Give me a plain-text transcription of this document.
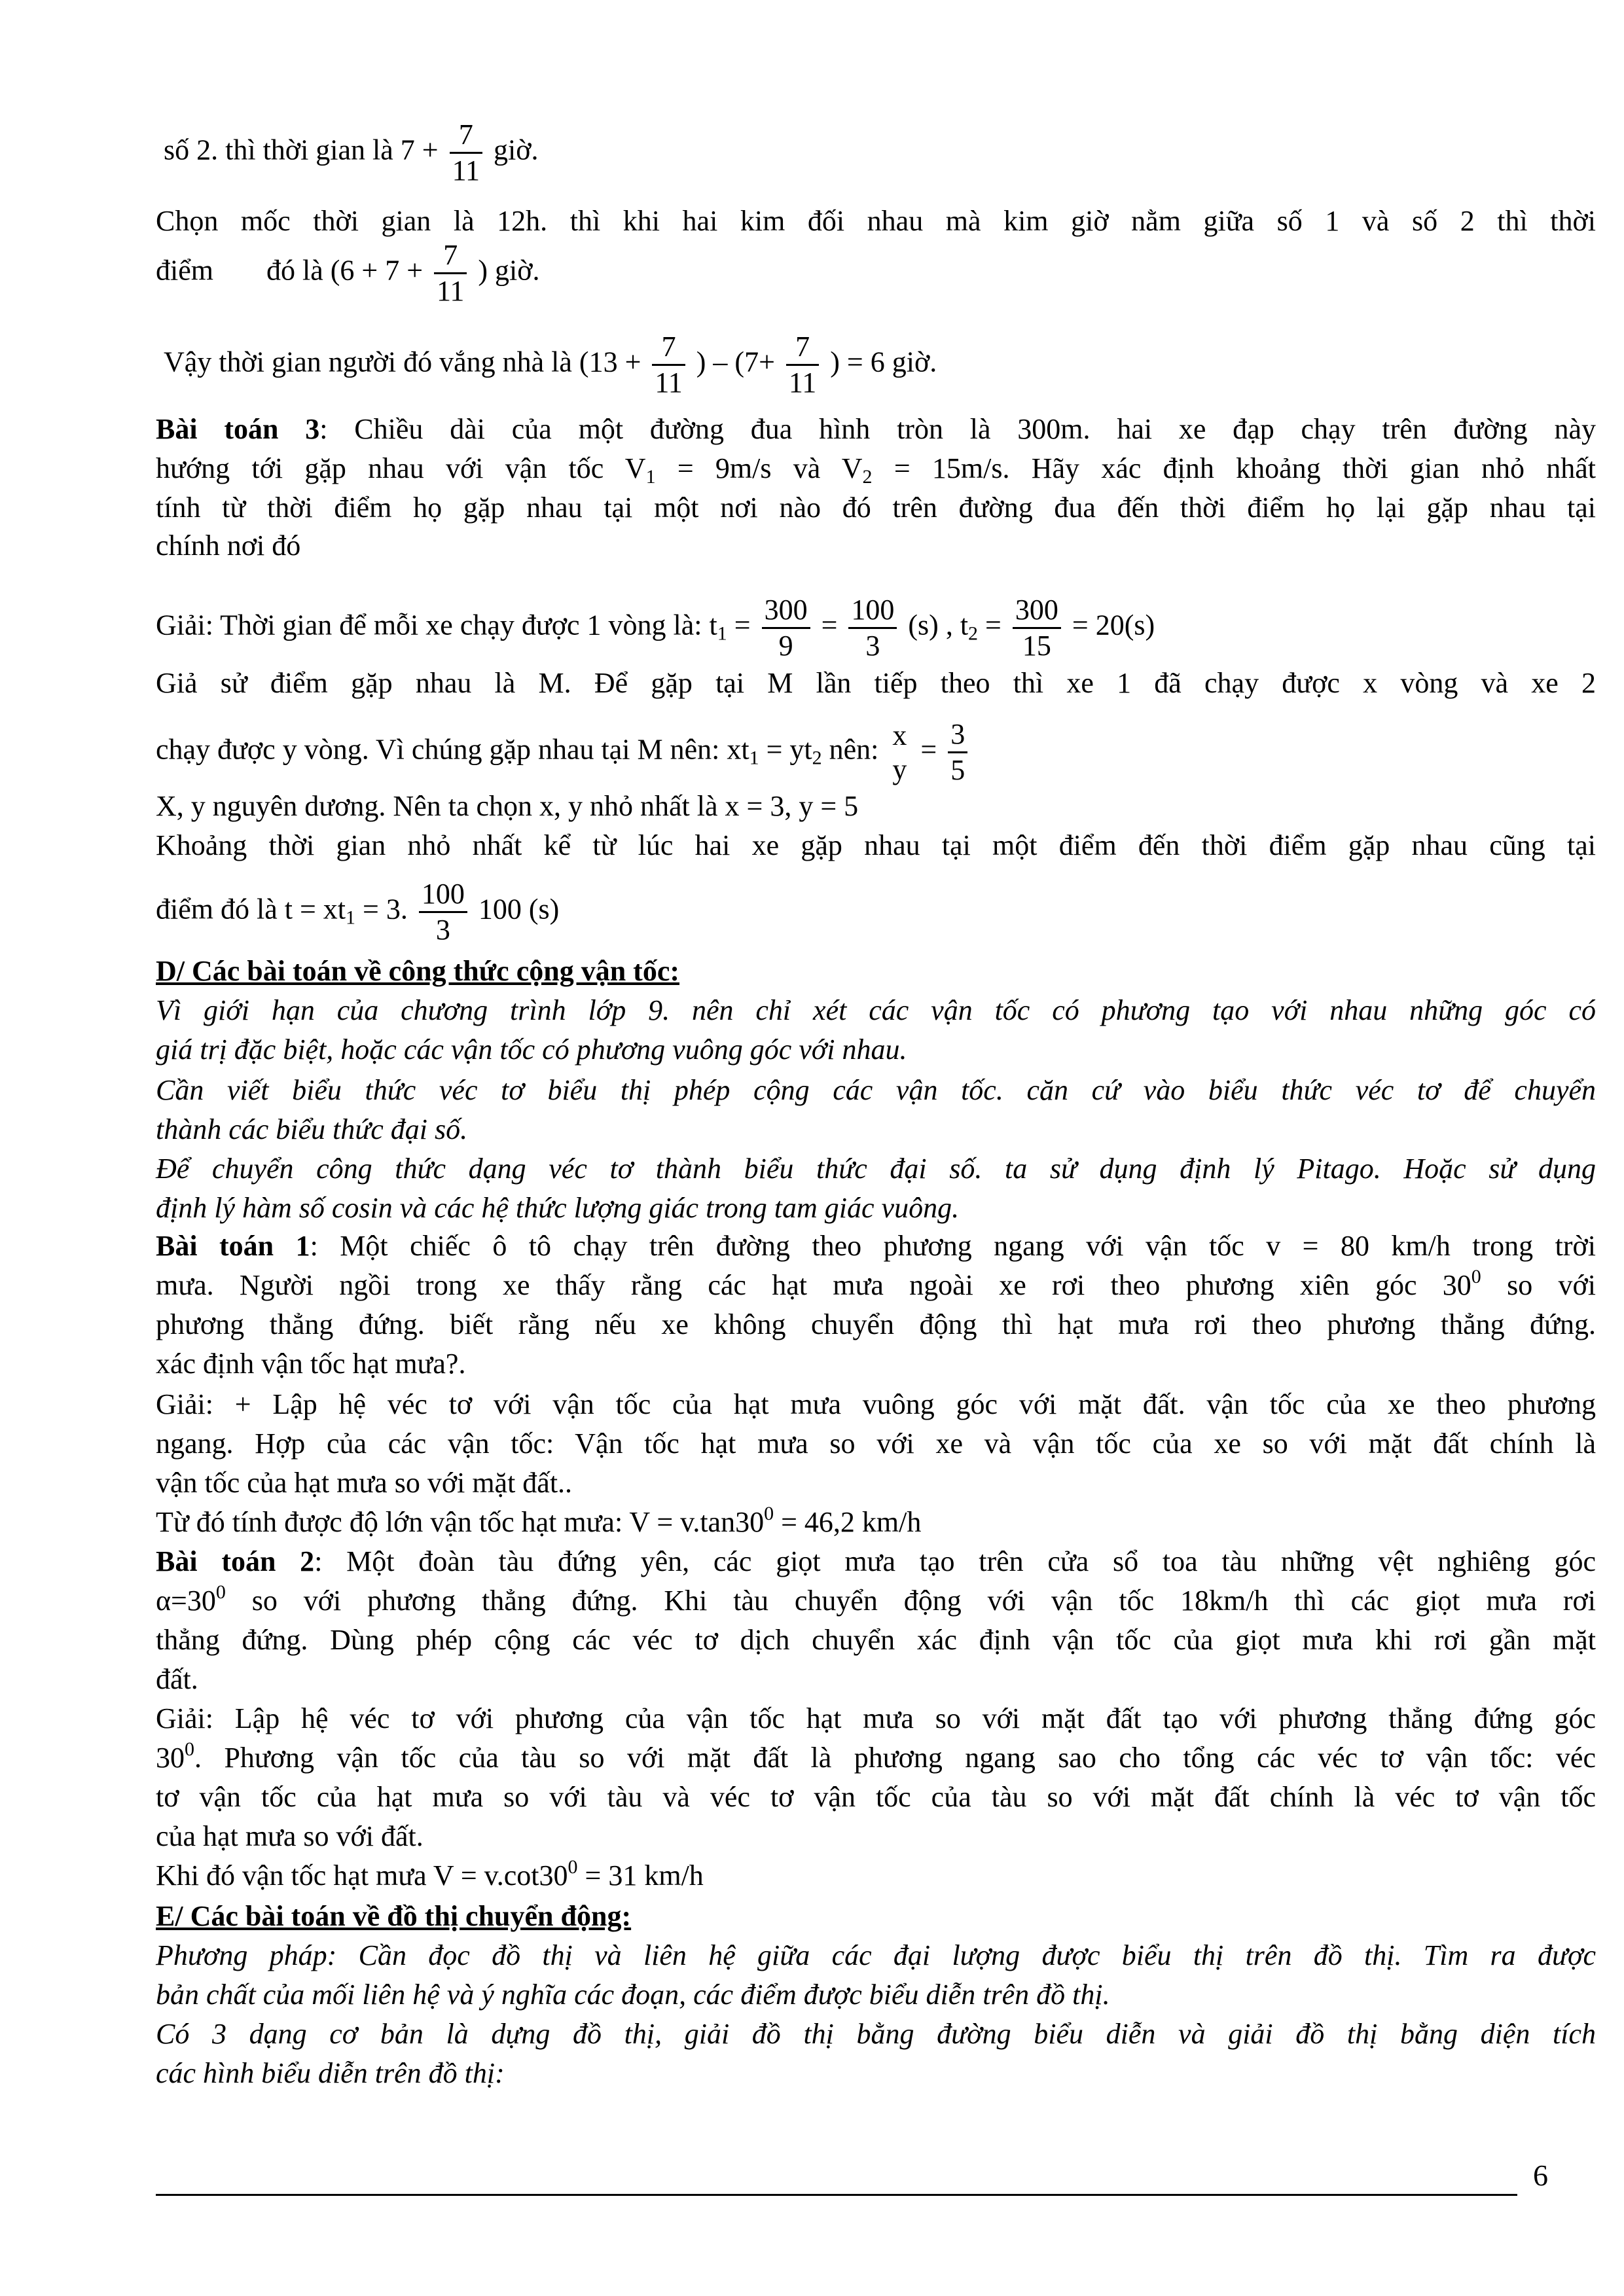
số 2. thì thời gian là $7 + \frac{7}{11}$ giờ.
Chọn mốc thời gian là 12h. thì khi hai kim đối nhau mà kim giờ nằm giữa số 1 và số 2 thì thời
điểm đó là ($6 + 7 + \frac{7}{11}$ ) giờ.
Vậy thời gian người đó vắng nhà là ($13 + \frac{7}{11}$ ) – ($7+ \frac{7}{11}$ ) = 6 giờ.
Bài toán 3: Chiều dài của một đường đua hình tròn là 300m. hai xe đạp chạy trên đường này
hướng tới gặp nhau với vận tốc $V_1 = 9m/s$ và $V_2 = 15m/s$. Hãy xác định khoảng thời gian nhỏ nhất
tính từ thời điểm họ gặp nhau tại một nơi nào đó trên đường đua đến thời điểm họ lại gặp nhau tại
chính nơi đó
Giải: Thời gian để mỗi xe chạy được 1 vòng là: $t_1 = \frac{300}{9} = \frac{100}{3} (s)$ , $t_2 = \frac{300}{15} = 20(s)$
Giả sử điểm gặp nhau là M. Để gặp tại M lần tiếp theo thì xe 1 đã chạy được x vòng và xe 2
chạy được y vòng. Vì chúng gặp nhau tại M nên: $xt_1 = yt_2$ nên: x
y
= $\frac{3}{5}$
X, y nguyên dương. Nên ta chọn x, y nhỏ nhất là x = 3, y = 5
Khoảng thời gian nhỏ nhất kể từ lúc hai xe gặp nhau tại một điểm đến thời điểm gặp nhau cũng tại
điểm đó là $t = xt_1 = 3$. $\frac{100}{3} 100$ (s)
D/ Các bài toán về công thức cộng vận tốc:
Vì giới hạn của chương trình lớp 9. nên chỉ xét các vận tốc có phương tạo với nhau những góc có
giá trị đặc biệt, hoặc các vận tốc có phương vuông góc với nhau.
Cần viết biểu thức véc tơ biểu thị phép cộng các vận tốc. căn cứ vào biểu thức véc tơ để chuyển
thành các biểu thức đại số.
Để chuyển công thức dạng véc tơ thành biểu thức đại số. ta sử dụng định lý Pitago. Hoặc sử dụng
định lý hàm số cosin và các hệ thức lượng giác trong tam giác vuông.
Bài toán 1: Một chiếc ô tô chạy trên đường theo phương ngang với vận tốc v = 80 km/h trong trời
mưa. Người ngồi trong xe thấy rằng các hạt mưa ngoài xe rơi theo phương xiên góc $30^0$ so với
phương thẳng đứng. biết rằng nếu xe không chuyển động thì hạt mưa rơi theo phương thẳng đứng.
xác định vận tốc hạt mưa?.
Giải: + Lập hệ véc tơ với vận tốc của hạt mưa vuông góc với mặt đất. vận tốc của xe theo phương
ngang. Hợp của các vận tốc: Vận tốc hạt mưa so với xe và vận tốc của xe so với mặt đất chính là
vận tốc của hạt mưa so với mặt đất..
Từ đó tính được độ lớn vận tốc hạt mưa: $V = v.\tan 30^0 = 46,2$ km/h
Bài toán 2: Một đoàn tàu đứng yên, các giọt mưa tạo trên cửa sổ toa tàu những vệt nghiêng góc
$\alpha=30^0$ so với phương thẳng đứng. Khi tàu chuyển động với vận tốc 18km/h thì các giọt mưa rơi
thẳng đứng. Dùng phép cộng các véc tơ dịch chuyển xác định vận tốc của giọt mưa khi rơi gần mặt
đất.
Giải: Lập hệ véc tơ với phương của vận tốc hạt mưa so với mặt đất tạo với phương thẳng đứng góc
$30^0$. Phương vận tốc của tàu so với mặt đất là phương ngang sao cho tổng các véc tơ vận tốc: véc
tơ vận tốc của hạt mưa so với tàu và véc tơ vận tốc của tàu so với mặt đất chính là véc tơ vận tốc
của hạt mưa so với đất.
Khi đó vận tốc hạt mưa $V = v.\cot 30^0 = 31$ km/h
E/ Các bài toán về đồ thị chuyển động:
Phương pháp: Cần đọc đồ thị và liên hệ giữa các đại lượng được biểu thị trên đồ thị. Tìm ra được
bản chất của mối liên hệ và ý nghĩa các đoạn, các điểm được biểu diễn trên đồ thị.
Có 3 dạng cơ bản là dựng đồ thị, giải đồ thị bằng đường biểu diễn và giải đồ thị bằng diện tích
các hình biểu diễn trên đồ thị:
6
